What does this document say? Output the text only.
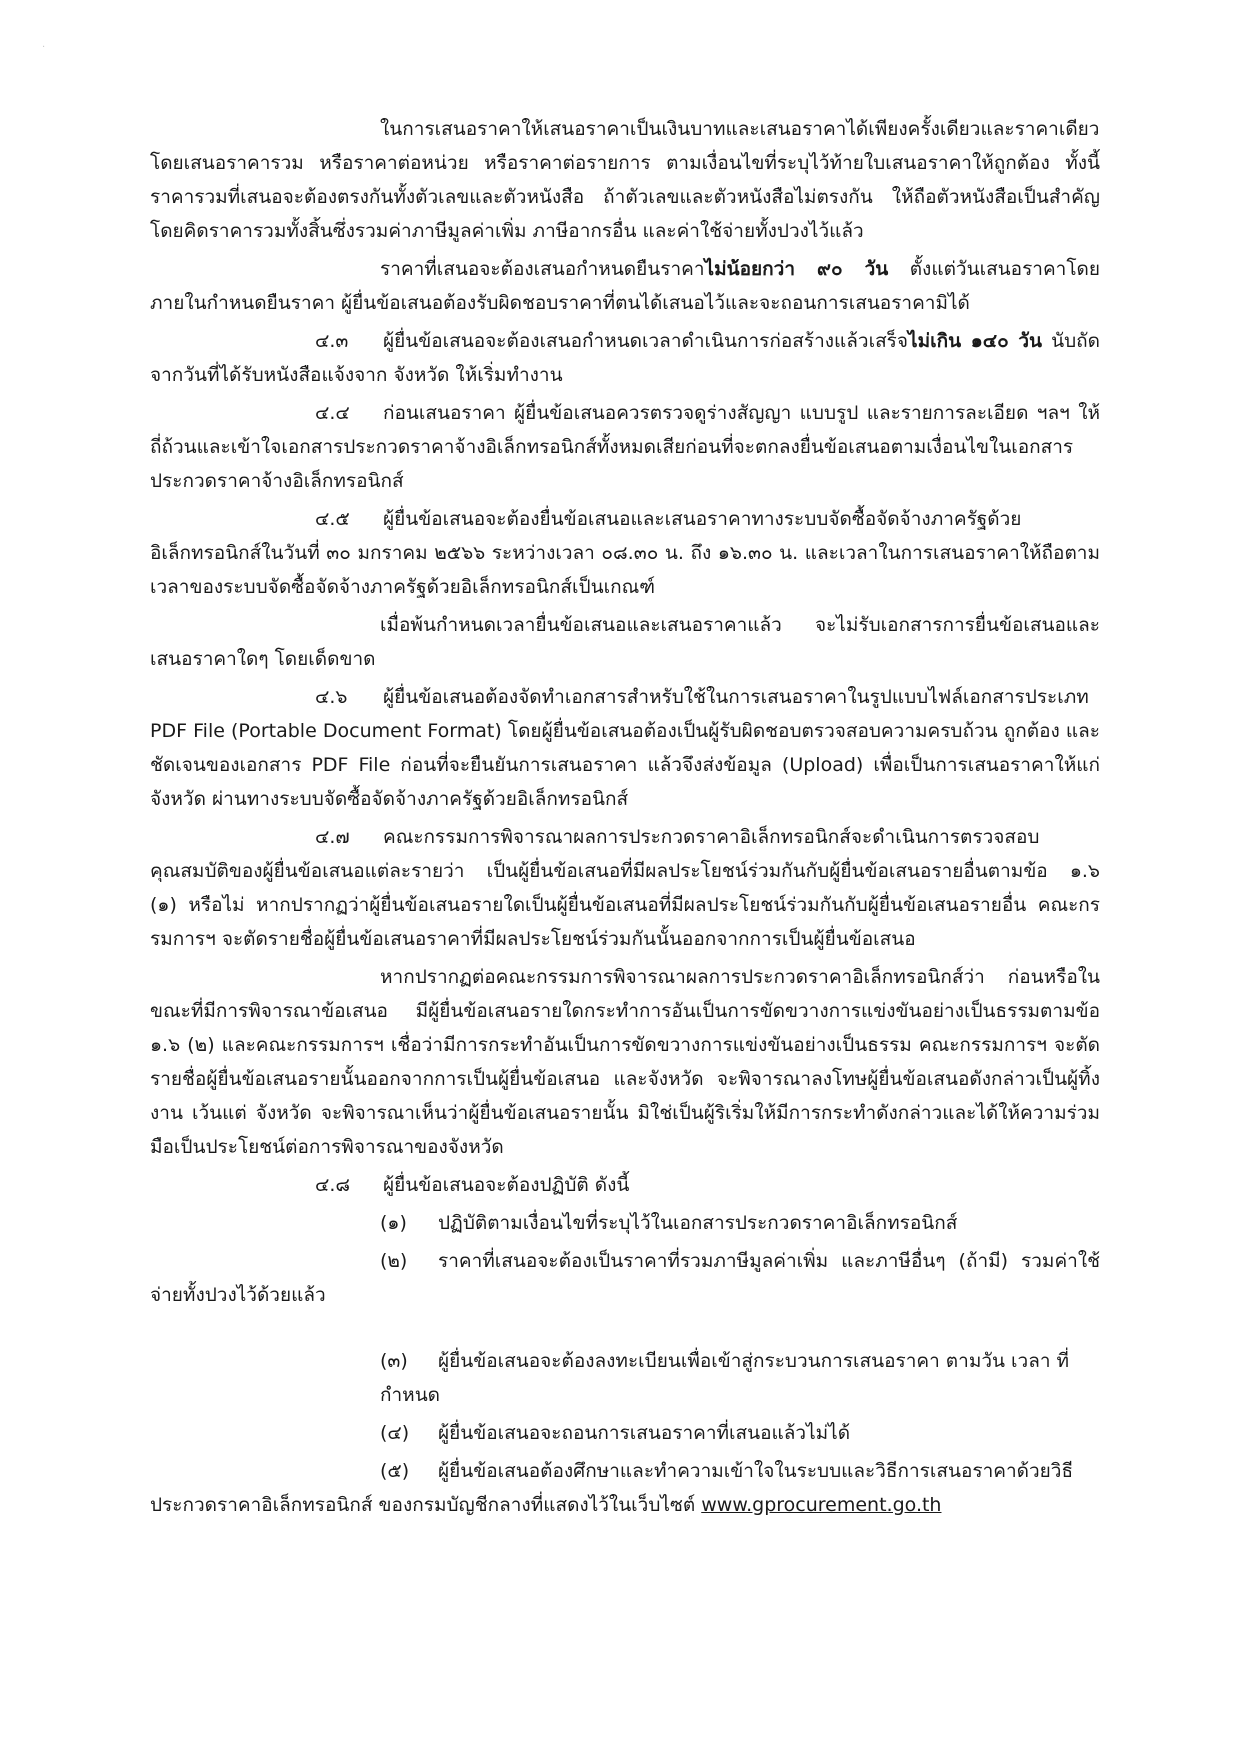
·

ในการเสนอราคาให้เสนอราคาเป็นเงินบาทและเสนอราคาได้เพียงครั้งเดียวและราคาเดียว โดยเสนอราคารวม หรือราคาต่อหน่วย หรือราคาต่อรายการ ตามเงื่อนไขที่ระบุไว้ท้ายใบเสนอราคาให้ถูกต้อง ทั้งนี้ ราคารวมที่เสนอจะต้องตรงกันทั้งตัวเลขและตัวหนังสือ ถ้าตัวเลขและตัวหนังสือไม่ตรงกัน ให้ถือตัวหนังสือเป็นสำคัญ โดยคิดราคารวมทั้งสิ้นซึ่งรวมค่าภาษีมูลค่าเพิ่ม ภาษีอากรอื่น และค่าใช้จ่ายทั้งปวงไว้แล้ว

ราคาที่เสนอจะต้องเสนอกำหนดยืนราคาไม่น้อยกว่า ๙๐ วัน ตั้งแต่วันเสนอราคาโดยภายในกำหนดยืนราคา ผู้ยื่นข้อเสนอต้องรับผิดชอบราคาที่ตนได้เสนอไว้และจะถอนการเสนอราคามิได้

๔.๓ ผู้ยื่นข้อเสนอจะต้องเสนอกำหนดเวลาดำเนินการก่อสร้างแล้วเสร็จไม่เกิน ๑๔๐ วัน นับถัดจากวันที่ได้รับหนังสือแจ้งจาก จังหวัด ให้เริ่มทำงาน

๔.๔ ก่อนเสนอราคา ผู้ยื่นข้อเสนอควรตรวจดูร่างสัญญา แบบรูป และรายการละเอียด ฯลฯ ให้ถี่ถ้วนและเข้าใจเอกสารประกวดราคาจ้างอิเล็กทรอนิกส์ทั้งหมดเสียก่อนที่จะตกลงยื่นข้อเสนอตามเงื่อนไขในเอกสารประกวดราคาจ้างอิเล็กทรอนิกส์

๔.๕ ผู้ยื่นข้อเสนอจะต้องยื่นข้อเสนอและเสนอราคาทางระบบจัดซื้อจัดจ้างภาครัฐด้วยอิเล็กทรอนิกส์ในวันที่ ๓๐ มกราคม ๒๕๖๖ ระหว่างเวลา ๐๘.๓๐ น. ถึง ๑๖.๓๐ น. และเวลาในการเสนอราคาให้ถือตามเวลาของระบบจัดซื้อจัดจ้างภาครัฐด้วยอิเล็กทรอนิกส์เป็นเกณฑ์

เมื่อพ้นกำหนดเวลายื่นข้อเสนอและเสนอราคาแล้ว จะไม่รับเอกสารการยื่นข้อเสนอและเสนอราคาใดๆ โดยเด็ดขาด

๔.๖ ผู้ยื่นข้อเสนอต้องจัดทำเอกสารสำหรับใช้ในการเสนอราคาในรูปแบบไฟล์เอกสารประเภท PDF File (Portable Document Format) โดยผู้ยื่นข้อเสนอต้องเป็นผู้รับผิดชอบตรวจสอบความครบถ้วน ถูกต้อง และชัดเจนของเอกสาร PDF File ก่อนที่จะยืนยันการเสนอราคา แล้วจึงส่งข้อมูล (Upload) เพื่อเป็นการเสนอราคาให้แก่จังหวัด ผ่านทางระบบจัดซื้อจัดจ้างภาครัฐด้วยอิเล็กทรอนิกส์

๔.๗ คณะกรรมการพิจารณาผลการประกวดราคาอิเล็กทรอนิกส์จะดำเนินการตรวจสอบคุณสมบัติของผู้ยื่นข้อเสนอแต่ละรายว่า เป็นผู้ยื่นข้อเสนอที่มีผลประโยชน์ร่วมกันกับผู้ยื่นข้อเสนอรายอื่นตามข้อ ๑.๖ (๑) หรือไม่ หากปรากฏว่าผู้ยื่นข้อเสนอรายใดเป็นผู้ยื่นข้อเสนอที่มีผลประโยชน์ร่วมกันกับผู้ยื่นข้อเสนอรายอื่น คณะกรรมการฯ จะตัดรายชื่อผู้ยื่นข้อเสนอราคาที่มีผลประโยชน์ร่วมกันนั้นออกจากการเป็นผู้ยื่นข้อเสนอ

หากปรากฏต่อคณะกรรมการพิจารณาผลการประกวดราคาอิเล็กทรอนิกส์ว่า ก่อนหรือในขณะที่มีการพิจารณาข้อเสนอ มีผู้ยื่นข้อเสนอรายใดกระทำการอันเป็นการขัดขวางการแข่งขันอย่างเป็นธรรมตามข้อ ๑.๖ (๒) และคณะกรรมการฯ เชื่อว่ามีการกระทำอันเป็นการขัดขวางการแข่งขันอย่างเป็นธรรม คณะกรรมการฯ จะตัดรายชื่อผู้ยื่นข้อเสนอรายนั้นออกจากการเป็นผู้ยื่นข้อเสนอ และจังหวัด จะพิจารณาลงโทษผู้ยื่นข้อเสนอดังกล่าวเป็นผู้ทิ้งงาน เว้นแต่ จังหวัด จะพิจารณาเห็นว่าผู้ยื่นข้อเสนอรายนั้น มิใช่เป็นผู้ริเริ่มให้มีการกระทำดังกล่าวและได้ให้ความร่วมมือเป็นประโยชน์ต่อการพิจารณาของจังหวัด

๔.๘ ผู้ยื่นข้อเสนอจะต้องปฏิบัติ ดังนี้

(๑) ปฏิบัติตามเงื่อนไขที่ระบุไว้ในเอกสารประกวดราคาอิเล็กทรอนิกส์

(๒) ราคาที่เสนอจะต้องเป็นราคาที่รวมภาษีมูลค่าเพิ่ม และภาษีอื่นๆ (ถ้ามี) รวมค่าใช้จ่ายทั้งปวงไว้ด้วยแล้ว

(๓) ผู้ยื่นข้อเสนอจะต้องลงทะเบียนเพื่อเข้าสู่กระบวนการเสนอราคา ตามวัน เวลา ที่กำหนด

(๔) ผู้ยื่นข้อเสนอจะถอนการเสนอราคาที่เสนอแล้วไม่ได้

(๕) ผู้ยื่นข้อเสนอต้องศึกษาและทำความเข้าใจในระบบและวิธีการเสนอราคาด้วยวิธีประกวดราคาอิเล็กทรอนิกส์ ของกรมบัญชีกลางที่แสดงไว้ในเว็บไซต์ www.gprocurement.go.th
